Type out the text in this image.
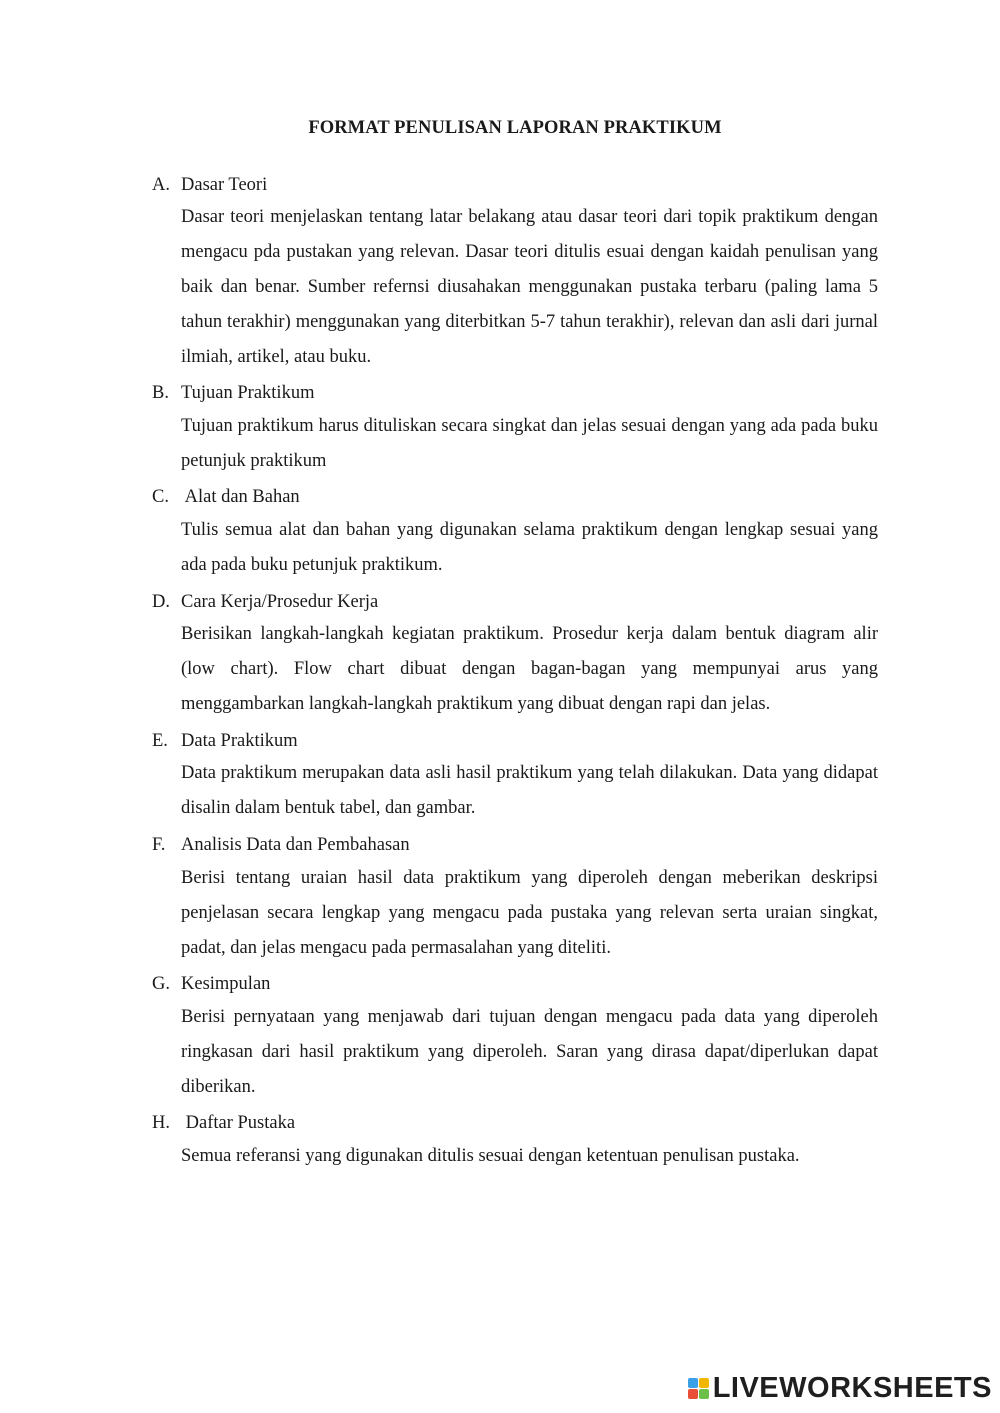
FORMAT PENULISAN LAPORAN PRAKTIKUM
A. Dasar Teori

Dasar teori menjelaskan tentang latar belakang atau dasar teori dari topik praktikum dengan mengacu pda pustakan yang relevan. Dasar teori ditulis esuai dengan kaidah penulisan yang baik dan benar. Sumber refernsi diusahakan menggunakan pustaka terbaru (paling lama 5 tahun terakhir) menggunakan yang diterbitkan 5-7 tahun terakhir), relevan dan asli dari jurnal ilmiah, artikel, atau buku.

B. Tujuan Praktikum

Tujuan praktikum harus dituliskan secara singkat dan jelas sesuai dengan yang ada pada buku petunjuk praktikum

C. Alat dan Bahan

Tulis semua alat dan bahan yang digunakan selama praktikum dengan lengkap sesuai yang ada pada buku petunjuk praktikum.

D. Cara Kerja/Prosedur Kerja

Berisikan langkah-langkah kegiatan praktikum. Prosedur kerja dalam bentuk diagram alir (low chart). Flow chart dibuat dengan bagan-bagan yang mempunyai arus yang menggambarkan langkah-langkah praktikum yang dibuat dengan rapi dan jelas.

E. Data Praktikum

Data praktikum merupakan data asli hasil praktikum yang telah dilakukan. Data yang didapat disalin dalam bentuk tabel, dan gambar.

F. Analisis Data dan Pembahasan

Berisi tentang uraian hasil data praktikum yang diperoleh dengan meberikan deskripsi penjelasan secara lengkap yang mengacu pada pustaka yang relevan serta uraian singkat, padat, dan jelas mengacu pada permasalahan yang diteliti.

G. Kesimpulan

Berisi pernyataan yang menjawab dari tujuan dengan mengacu pada data yang diperoleh ringkasan dari hasil praktikum yang diperoleh. Saran yang dirasa dapat/diperlukan dapat diberikan.

H. Daftar Pustaka

Semua referansi yang digunakan ditulis sesuai dengan ketentuan penulisan pustaka.

LIVEWORKSHEETS
